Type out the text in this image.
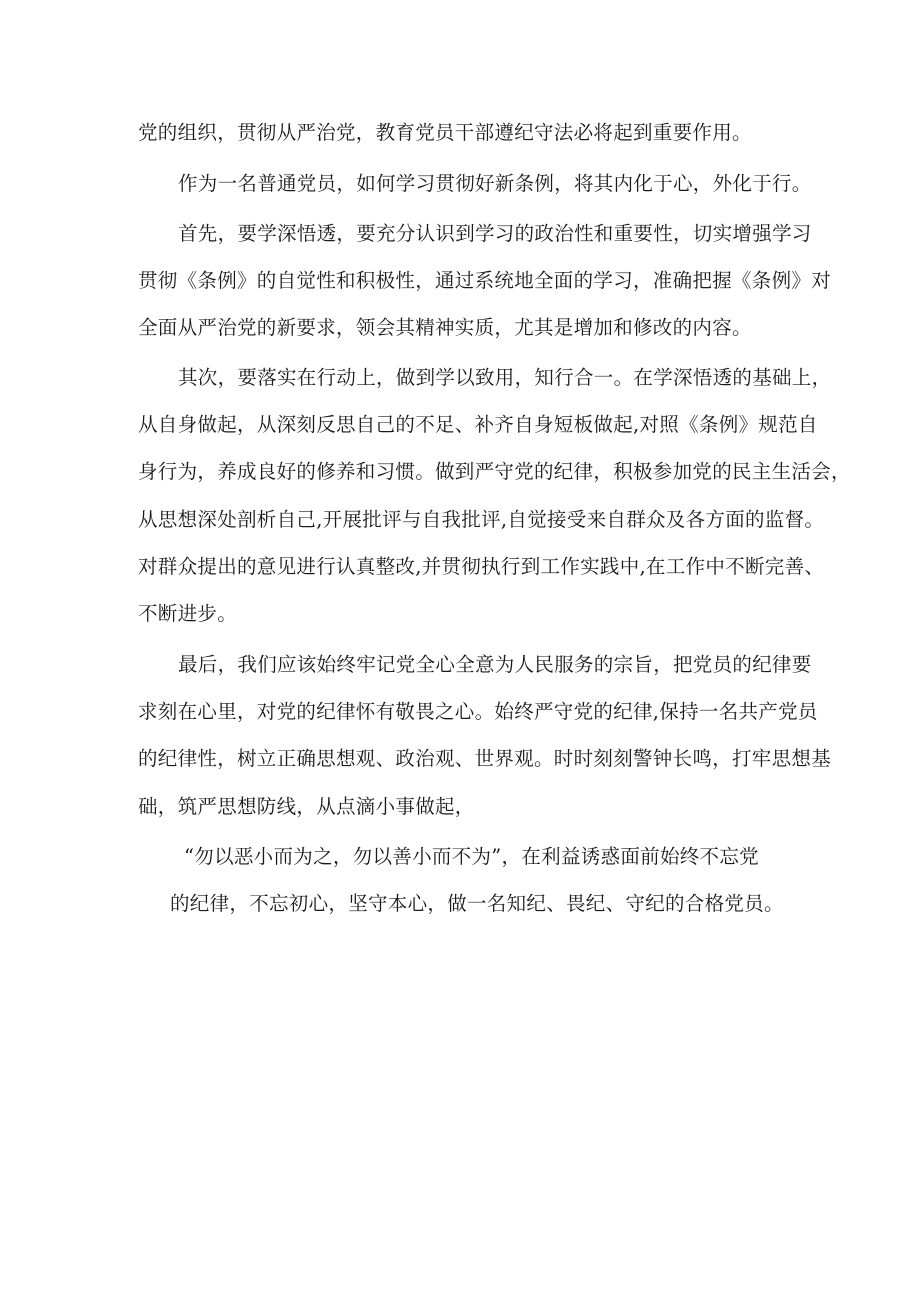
党的组织，贯彻从严治党，教育党员干部遵纪守法必将起到重要作用。
作为一名普通党员，如何学习贯彻好新条例，将其内化于心，外化于行。
首先，要学深悟透，要充分认识到学习的政治性和重要性，切实增强学习
贯彻《条例》的自觉性和积极性，通过系统地全面的学习，准确把握《条例》对
全面从严治党的新要求，领会其精神实质，尤其是增加和修改的内容。
其次，要落实在行动上，做到学以致用，知行合一。在学深悟透的基础上，
从自身做起，从深刻反思自己的不足、补齐自身短板做起,对照《条例》规范自
身行为，养成良好的修养和习惯。做到严守党的纪律，积极参加党的民主生活会，
从思想深处剖析自己,开展批评与自我批评,自觉接受来自群众及各方面的监督。
对群众提出的意见进行认真整改,并贯彻执行到工作实践中,在工作中不断完善、
不断进步。
最后，我们应该始终牢记党全心全意为人民服务的宗旨，把党员的纪律要
求刻在心里，对党的纪律怀有敬畏之心。始终严守党的纪律,保持一名共产党员
的纪律性，树立正确思想观、政治观、世界观。时时刻刻警钟长鸣，打牢思想基
础，筑严思想防线，从点滴小事做起，
“勿以恶小而为之，勿以善小而不为”，在利益诱惑面前始终不忘党
的纪律，不忘初心，坚守本心，做一名知纪、畏纪、守纪的合格党员。
